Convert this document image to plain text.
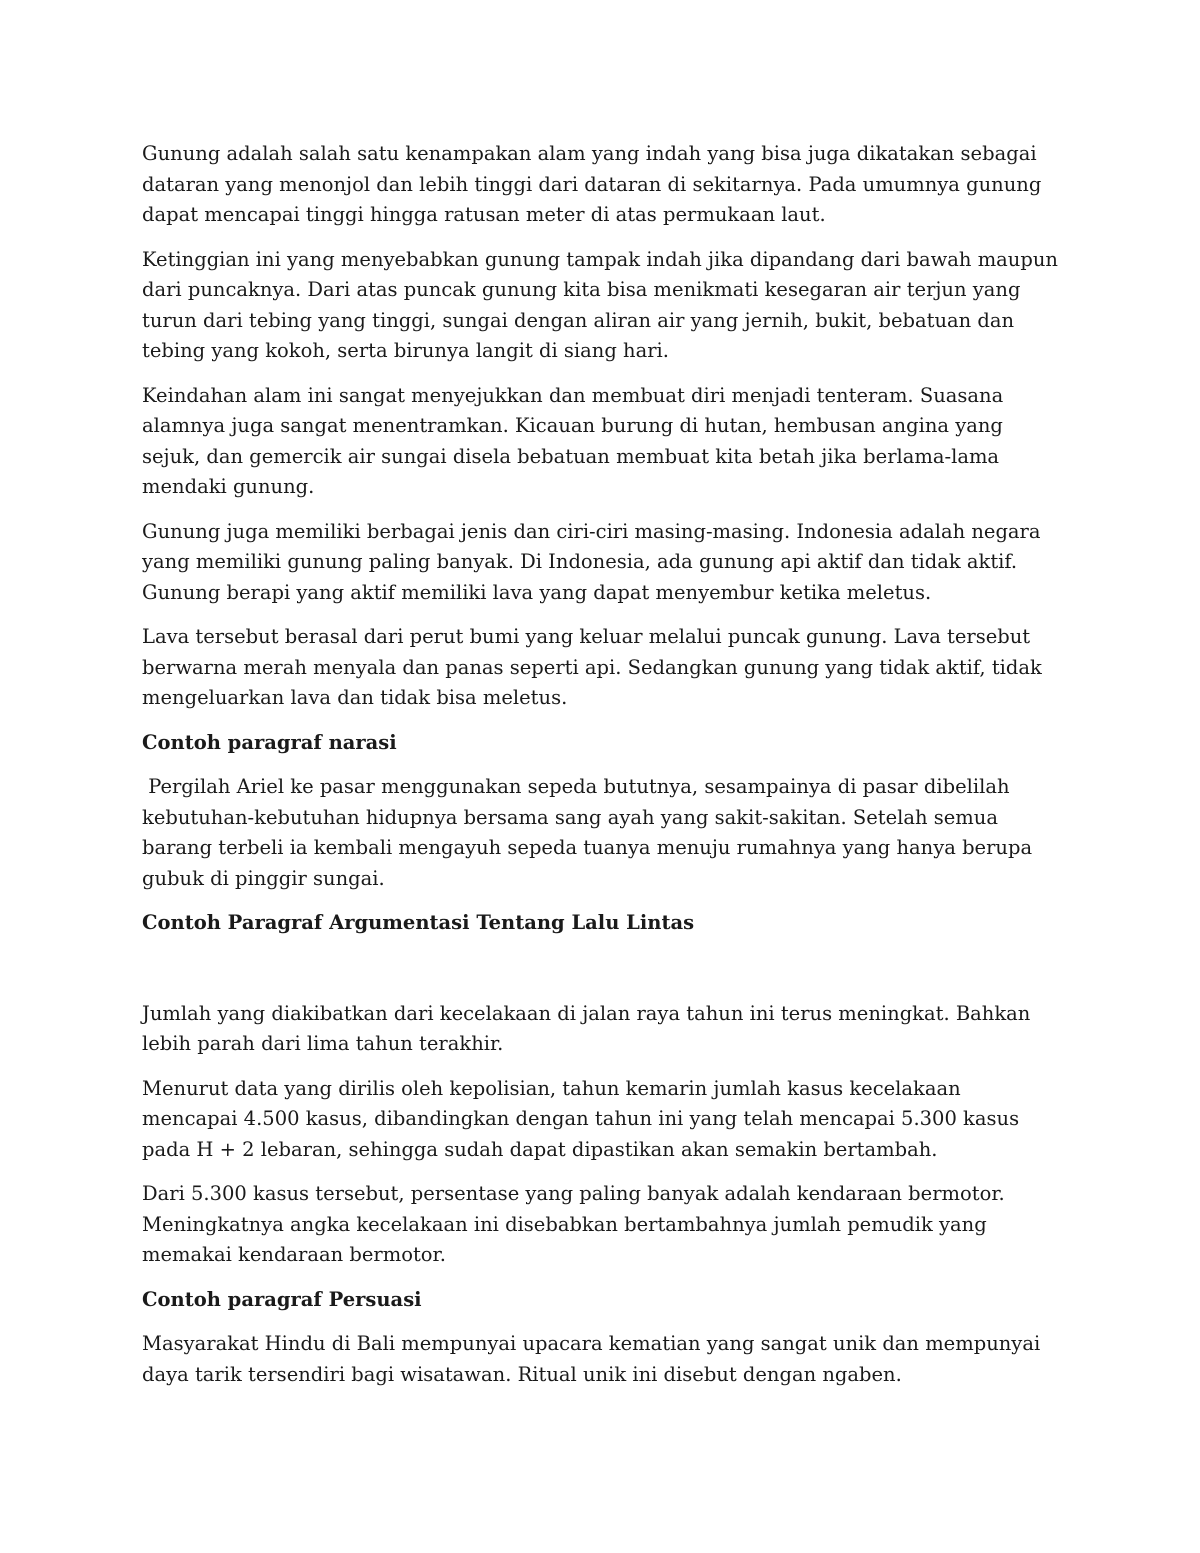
Gunung adalah salah satu kenampakan alam yang indah yang bisa juga dikatakan sebagai dataran yang menonjol dan lebih tinggi dari dataran di sekitarnya. Pada umumnya gunung dapat mencapai tinggi hingga ratusan meter di atas permukaan laut.

Ketinggian ini yang menyebabkan gunung tampak indah jika dipandang dari bawah maupun dari puncaknya. Dari atas puncak gunung kita bisa menikmati kesegaran air terjun yang turun dari tebing yang tinggi, sungai dengan aliran air yang jernih, bukit, bebatuan dan tebing yang kokoh, serta birunya langit di siang hari.

Keindahan alam ini sangat menyejukkan dan membuat diri menjadi tenteram. Suasana alamnya juga sangat menentramkan. Kicauan burung di hutan, hembusan angina yang sejuk, dan gemercik air sungai disela bebatuan membuat kita betah jika berlama-lama mendaki gunung.

Gunung juga memiliki berbagai jenis dan ciri-ciri masing-masing. Indonesia adalah negara yang memiliki gunung paling banyak. Di Indonesia, ada gunung api aktif dan tidak aktif. Gunung berapi yang aktif memiliki lava yang dapat menyembur ketika meletus.

Lava tersebut berasal dari perut bumi yang keluar melalui puncak gunung. Lava tersebut berwarna merah menyala dan panas seperti api. Sedangkan gunung yang tidak aktif, tidak mengeluarkan lava dan tidak bisa meletus.

Contoh paragraf narasi

Pergilah Ariel ke pasar menggunakan sepeda bututnya, sesampainya di pasar dibelilah kebutuhan-kebutuhan hidupnya bersama sang ayah yang sakit-sakitan. Setelah semua barang terbeli ia kembali mengayuh sepeda tuanya menuju rumahnya yang hanya berupa gubuk di pinggir sungai.

Contoh Paragraf Argumentasi Tentang Lalu Lintas

Jumlah yang diakibatkan dari kecelakaan di jalan raya tahun ini terus meningkat. Bahkan lebih parah dari lima tahun terakhir.

Menurut data yang dirilis oleh kepolisian, tahun kemarin jumlah kasus kecelakaan mencapai 4.500 kasus, dibandingkan dengan tahun ini yang telah mencapai 5.300 kasus pada H + 2 lebaran, sehingga sudah dapat dipastikan akan semakin bertambah.

Dari 5.300 kasus tersebut, persentase yang paling banyak adalah kendaraan bermotor. Meningkatnya angka kecelakaan ini disebabkan bertambahnya jumlah pemudik yang memakai kendaraan bermotor.

Contoh paragraf Persuasi

Masyarakat Hindu di Bali mempunyai upacara kematian yang sangat unik dan mempunyai daya tarik tersendiri bagi wisatawan. Ritual unik ini disebut dengan ngaben.
